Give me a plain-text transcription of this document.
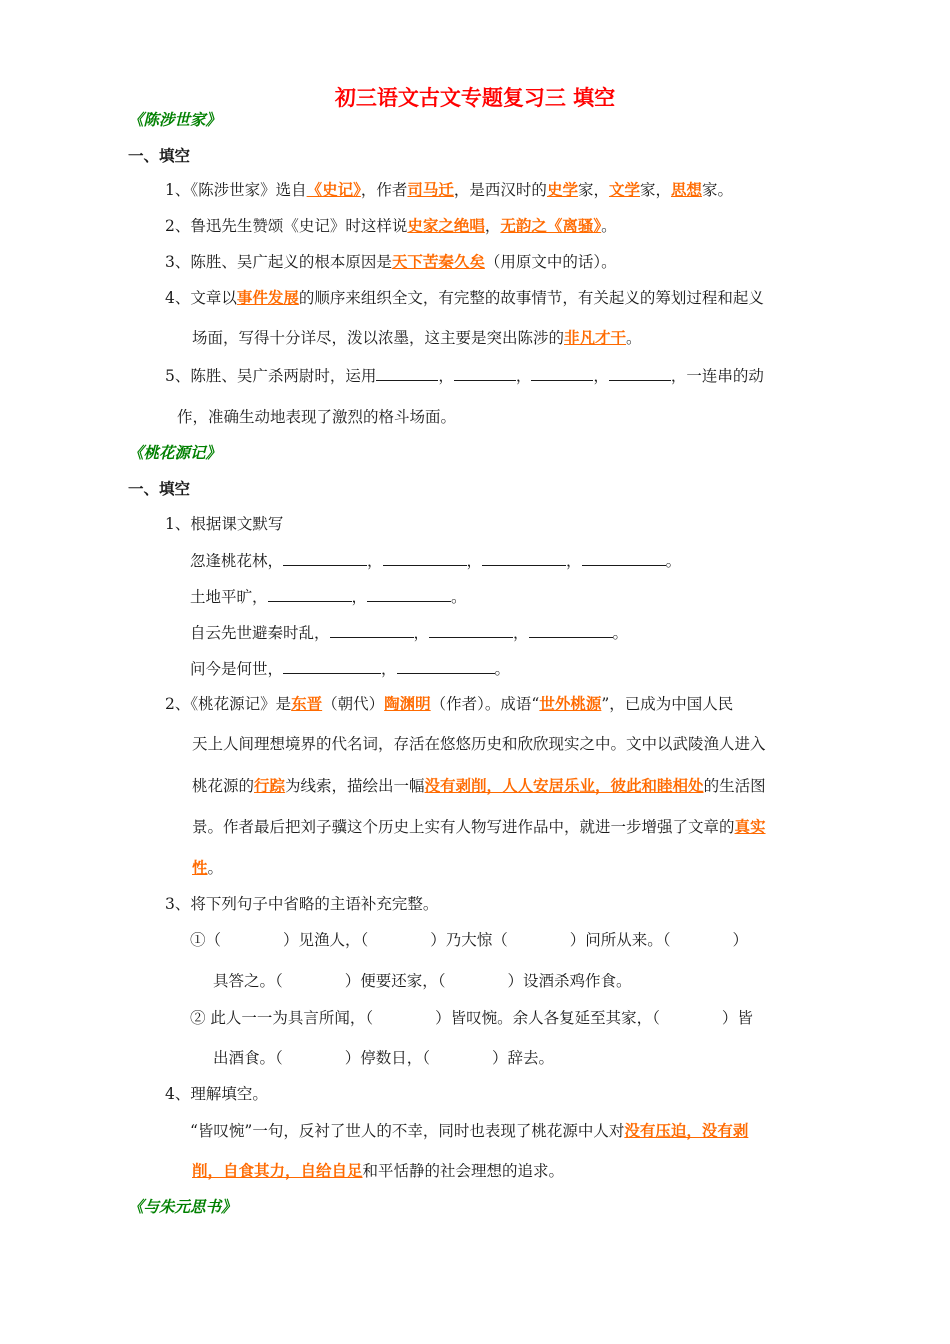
初三语文古文专题复习三 填空
《陈涉世家》
一、填空
1、《陈涉世家》选自《史记》，作者司马迁，是西汉时的史学家，文学家，思想家。
2、鲁迅先生赞颂《史记》时这样说史家之绝唱，无韵之《离骚》。
3、陈胜、吴广起义的根本原因是天下苦秦久矣（用原文中的话）。
4、文章以事件发展的顺序来组织全文，有完整的故事情节，有关起义的筹划过程和起义
场面，写得十分详尽，泼以浓墨，这主要是突出陈涉的非凡才干。
5、陈胜、吴广杀两尉时，运用	，	，	，	，一连串的动
作，准确生动地表现了激烈的格斗场面。
《桃花源记》
一、填空
1、根据课文默写
忽逢桃花林，	，	，	，	。
土地平旷，	，	。
自云先世避秦时乱，	，	，	。
问今是何世，	，	。
2、《桃花源记》是东晋（朝代）陶渊明（作者）。成语“世外桃源”，已成为中国人民
天上人间理想境界的代名词，存活在悠悠历史和欣欣现实之中。文中以武陵渔人进入
桃花源的行踪为线索，描绘出一幅没有剥削，人人安居乐业，彼此和睦相处的生活图
景。作者最后把刘子骥这个历史上实有人物写进作品中，就进一步增强了文章的真实
性。
3、将下列句子中省略的主语补充完整。
①（　　　　）见渔人，（　　　　）乃大惊（　　　　）问所从来。（　　　　）
具答之。（　　　　）便要还家，（　　　　）设酒杀鸡作食。
② 此人一一为具言所闻，（　　　　）皆叹惋。余人各复延至其家，（　　　　）皆
出酒食。（　　　　）停数日，（　　　　）辞去。
4、理解填空。
“皆叹惋”一句，反衬了世人的不幸，同时也表现了桃花源中人对没有压迫，没有剥
削，自食其力，自给自足和平恬静的社会理想的追求。
《与朱元思书》
